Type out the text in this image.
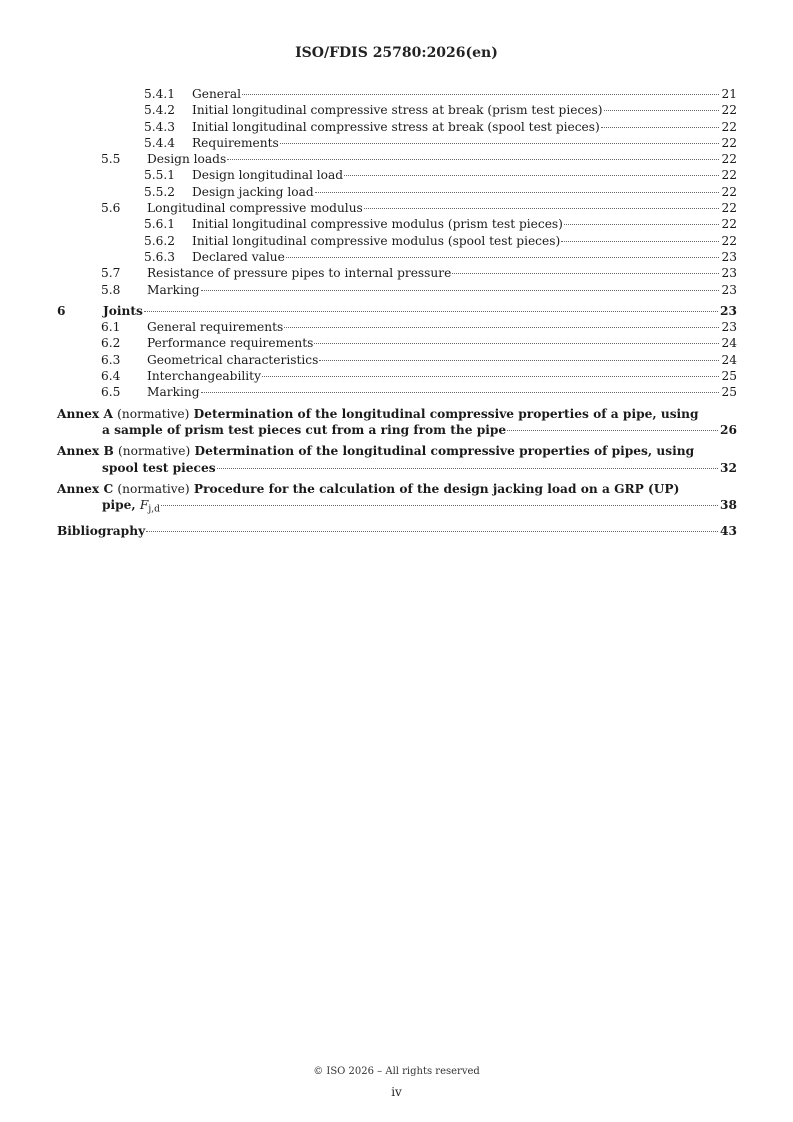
ISO/FDIS 25780:2026(en)
5.4.1	General	21
5.4.2	Initial longitudinal compressive stress at break (prism test pieces)	22
5.4.3	Initial longitudinal compressive stress at break (spool test pieces)	22
5.4.4	Requirements	22
5.5	Design loads	22
5.5.1	Design longitudinal load	22
5.5.2	Design jacking load	22
5.6	Longitudinal compressive modulus	22
5.6.1	Initial longitudinal compressive modulus (prism test pieces)	22
5.6.2	Initial longitudinal compressive modulus (spool test pieces)	22
5.6.3	Declared value	23
5.7	Resistance of pressure pipes to internal pressure	23
5.8	Marking	23
6	Joints	23
6.1	General requirements	23
6.2	Performance requirements	24
6.3	Geometrical characteristics	24
6.4	Interchangeability	25
6.5	Marking	25
Annex A (normative) Determination of the longitudinal compressive properties of a pipe, using
a sample of prism test pieces cut from a ring from the pipe	26
Annex B (normative) Determination of the longitudinal compressive properties of pipes, using
spool test pieces	32
Annex C (normative) Procedure for the calculation of the design jacking load on a GRP (UP)
pipe, $F_{j,d}$	38
Bibliography	43
© ISO 2026 – All rights reserved
iv
